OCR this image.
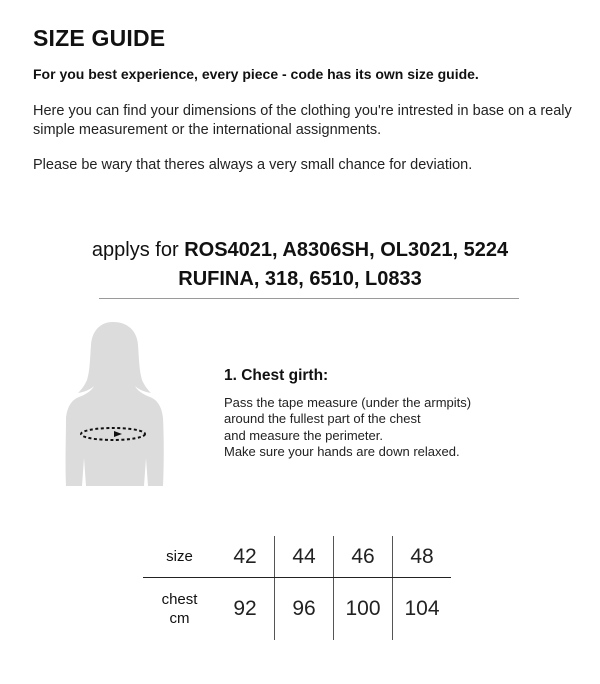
SIZE GUIDE
For you best experience, every piece - code has its own size guide.
Here you can find your dimensions of the clothing you're intrested in base on a realy simple measurement or the international assignments.
Please be wary that theres always a very small chance for deviation.
applys for ROS4021, A8306SH, OL3021, 5224
RUFINA, 318, 6510, L0833
1. Chest girth:
Pass the tape measure (under the armpits)
around the fullest part of the chest
and measure the perimeter.
Make sure your hands are down relaxed.
size	42	44	46	48
chest
cm	92	96	100	104
